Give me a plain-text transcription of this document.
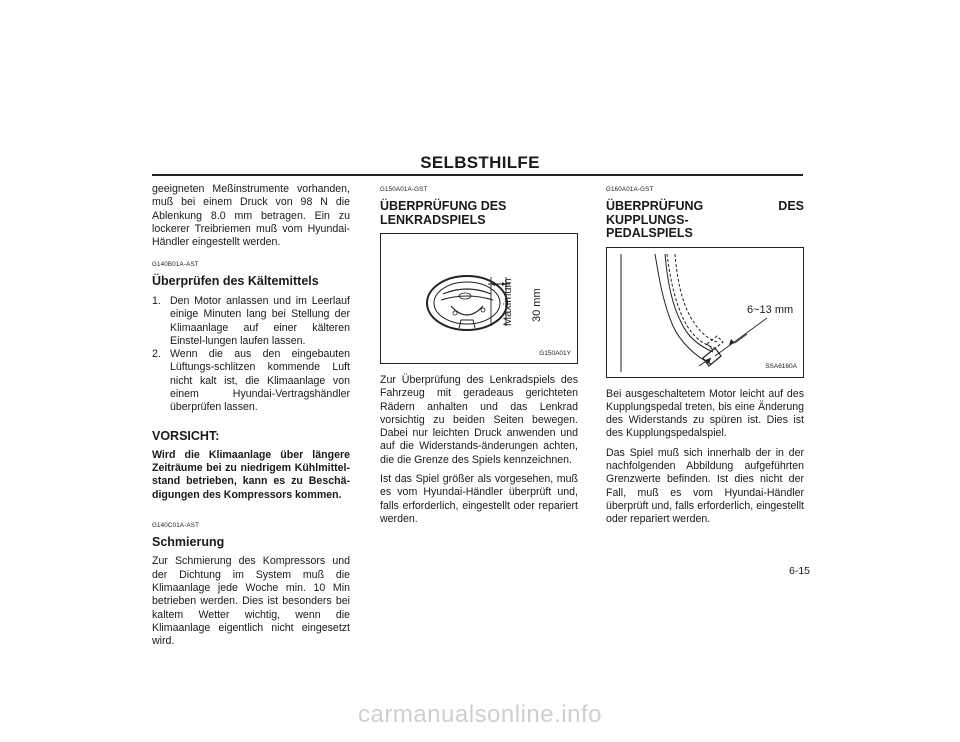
SELBSTHILFE

geeigneten Meßinstrumente vorhanden, muß bei einem Druck von 98 N die Ablenkung 8.0 mm betragen. Ein zu lockerer Treibriemen muß vom Hyundai-Händler eingestellt werden.

G140B01A-AST

Überprüfen des Kältemittels

1. Den Motor anlassen und im Leerlauf einige Minuten lang bei Stellung der Klimaanlage auf einer kälteren Einstel-lungen laufen lassen.
2. Wenn die aus den eingebauten Lüftungs-schlitzen kommende Luft nicht kalt ist, die Klimaanlage von einem Hyundai-Vertragshändler überprüfen lassen.

VORSICHT:

Wird die Klimaanlage über längere Zeiträume bei zu niedrigem Kühlmittel-stand betrieben, kann es zu Beschä-digungen des Kompressors kommen.

G140C01A-AST

Schmierung

Zur Schmierung des Kompressors und der Dichtung im System muß die Klimaanlage jede Woche min. 10 Min betrieben werden. Dies ist besonders bei kaltem Wetter wichtig, wenn die Klimaanlage eigentlich nicht eingesetzt wird.

G150A01A-GST

ÜBERPRÜFUNG DES

LENKRADSPIELS

Maximum 30 mm
G150A01Y

Zur Überprüfung des Lenkradspiels des Fahrzeug mit geradeaus gerichteten Rädern anhalten und das Lenkrad vorsichtig zu beiden Seiten bewegen. Dabei nur leichten Druck anwenden und auf die Widerstands-änderungen achten, die die Grenze des Spiels kennzeichnen.

Ist das Spiel größer als vorgesehen, muß es vom Hyundai-Händler überprüft und, falls erforderlich, eingestellt oder repariert werden.

G160A01A-GST

ÜBERPRÜFUNG DES KUPPLUNGS-

PEDALSPIELS

6~13 mm
SSA6160A

Bei ausgeschaltetem Motor leicht auf des Kupplungspedal treten, bis eine Änderung des Widerstands zu spüren ist. Dies ist des Kupplungspedalspiel.

Das Spiel muß sich innerhalb der in der nachfolgenden Abbildung aufgeführten Grenzwerte befinden. Ist dies nicht der Fall, muß es vom Hyundai-Händler überprüft und, falls erforderlich, eingestellt oder repariert werden.

6-15
carmanualsonline.info
